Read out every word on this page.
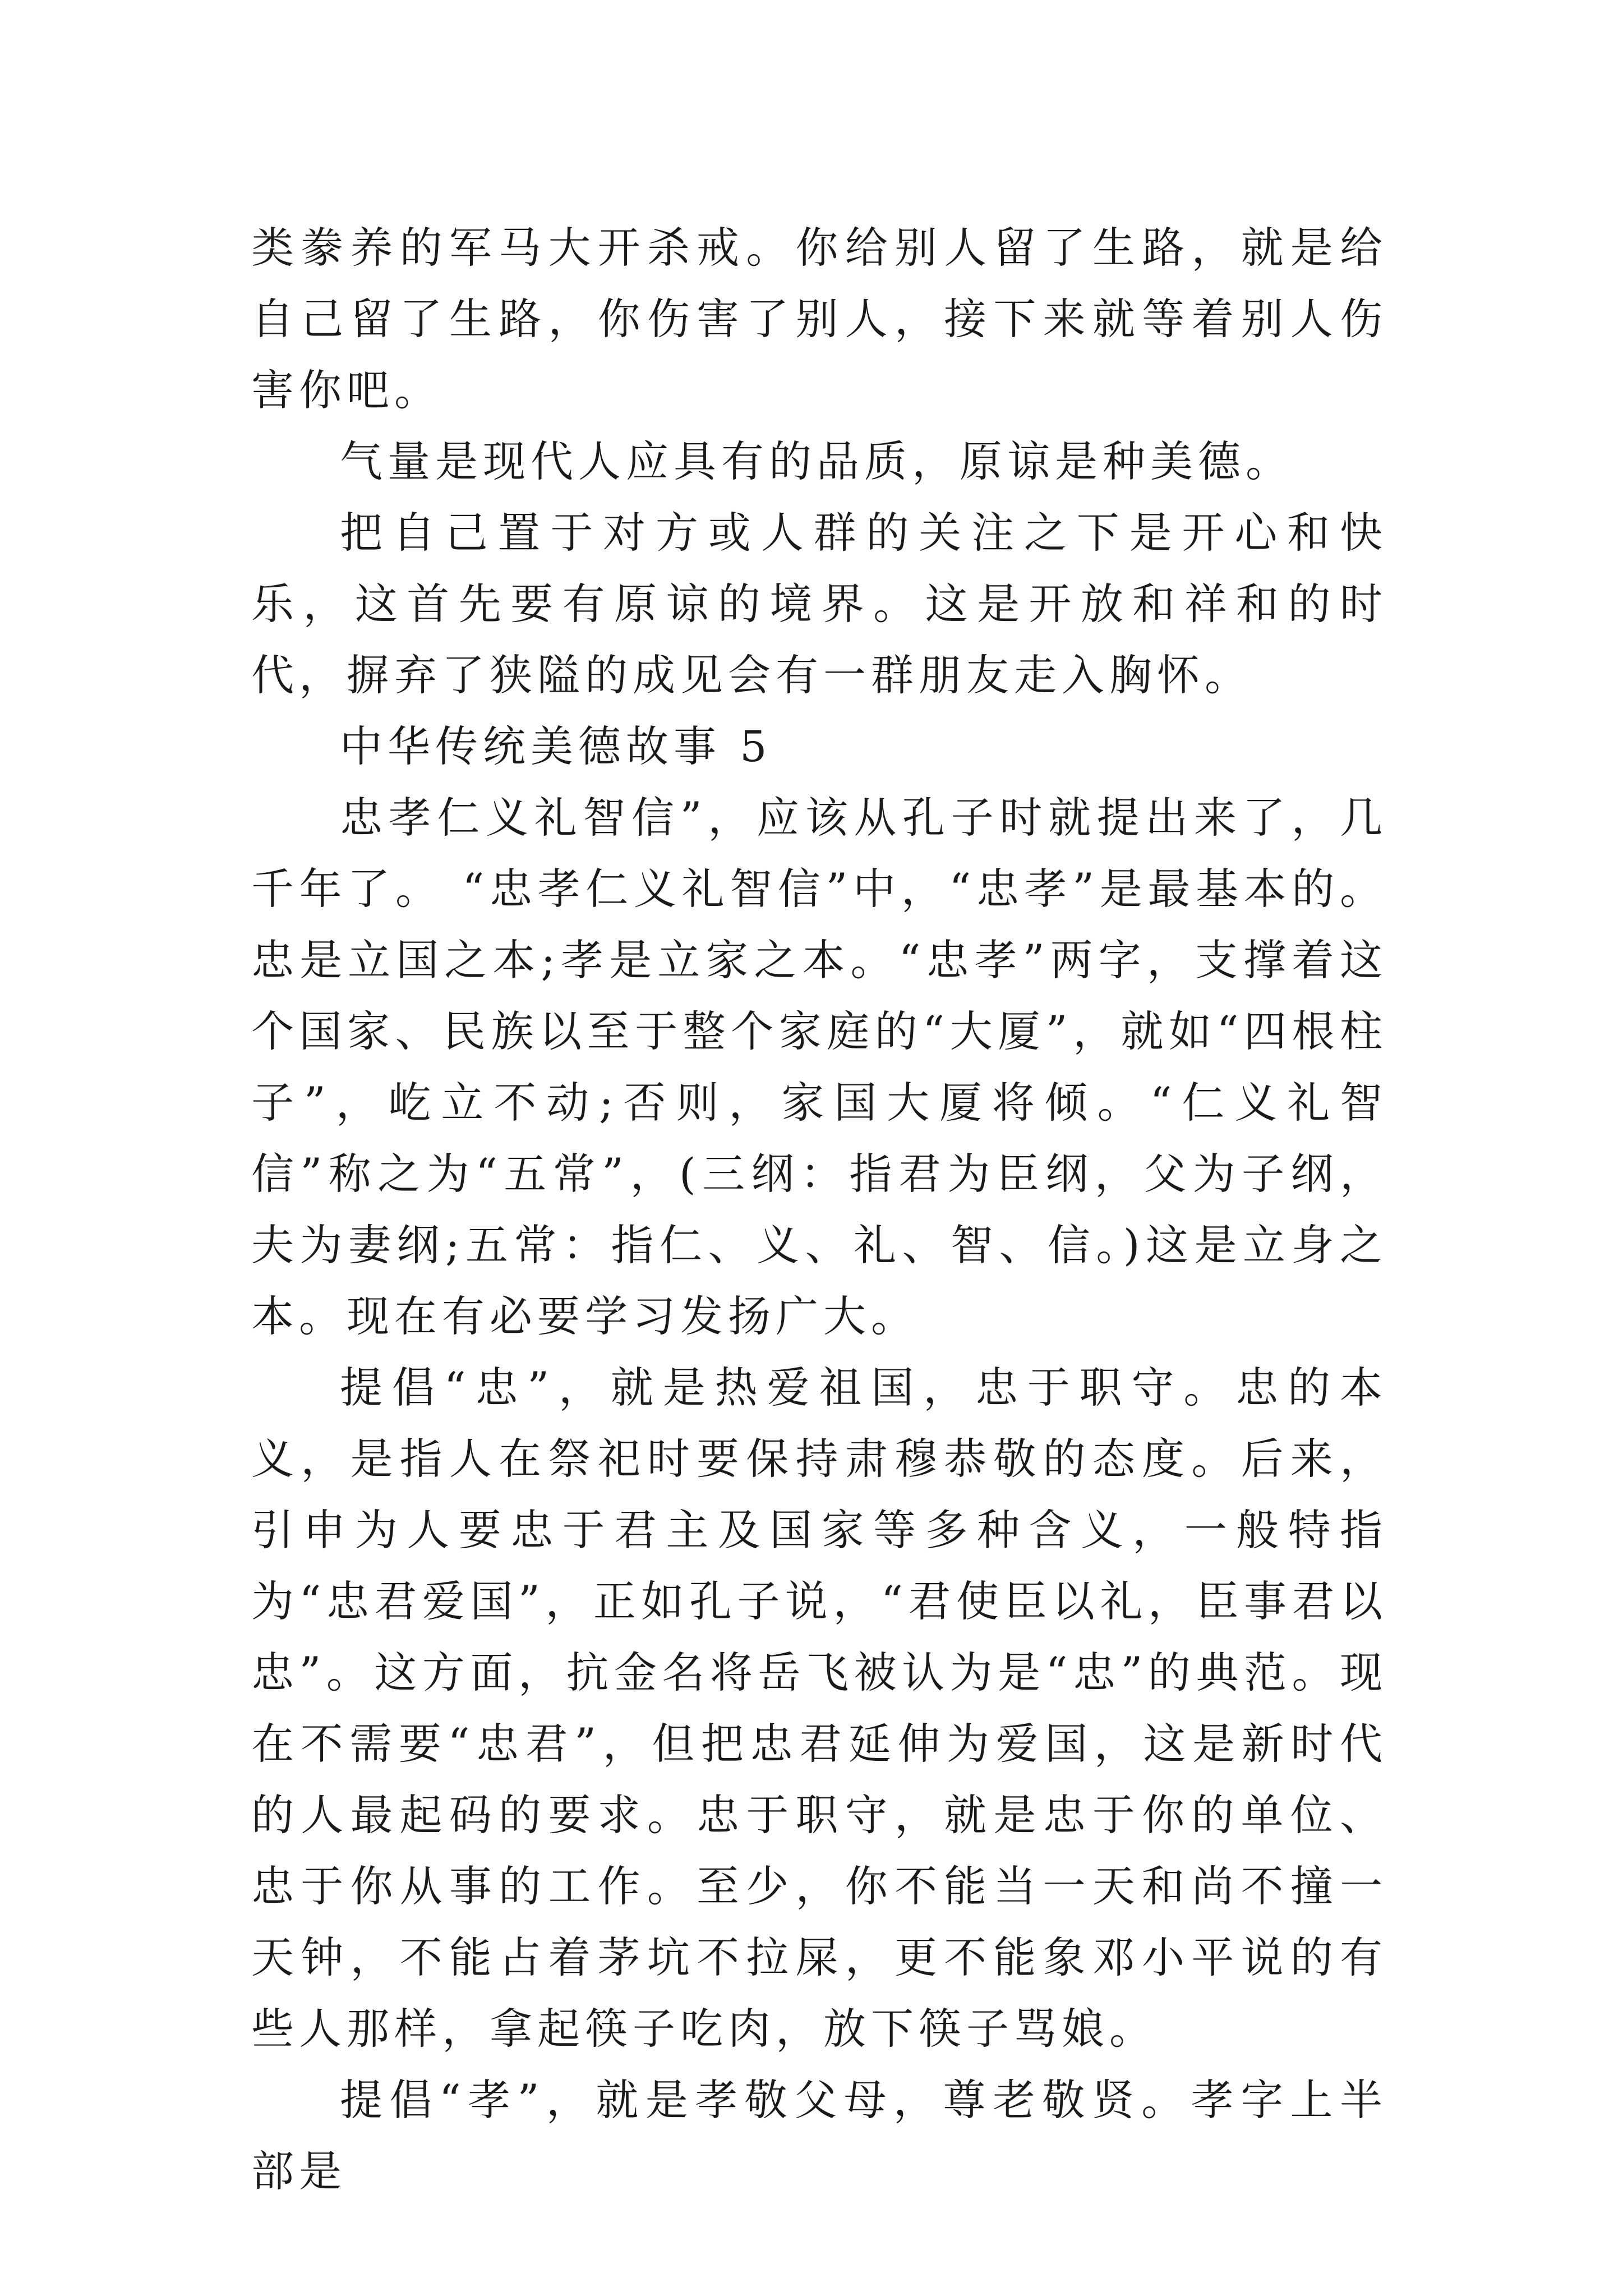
类豢养的军马大开杀戒。你给别人留了生路，就是给自己留了生路，你伤害了别人，接下来就等着别人伤害你吧。

气量是现代人应具有的品质，原谅是种美德。

把自己置于对方或人群的关注之下是开心和快乐，这首先要有原谅的境界。这是开放和祥和的时代，摒弃了狭隘的成见会有一群朋友走入胸怀。

中华传统美德故事 5

忠孝仁义礼智信”，应该从孔子时就提出来了，几千年了。 “忠孝仁义礼智信”中，“忠孝”是最基本的。忠是立国之本;孝是立家之本。“忠孝”两字，支撑着这个国家、民族以至于整个家庭的“大厦”，就如“四根柱子”，屹立不动;否则，家国大厦将倾。“仁义礼智信”称之为“五常”，(三纲：指君为臣纲，父为子纲，夫为妻纲;五常：指仁、义、礼、智、信。)这是立身之本。现在有必要学习发扬广大。

提倡“忠”，就是热爱祖国，忠于职守。忠的本义，是指人在祭祀时要保持肃穆恭敬的态度。后来，引申为人要忠于君主及国家等多种含义，一般特指为“忠君爱国”，正如孔子说，“君使臣以礼，臣事君以忠”。这方面，抗金名将岳飞被认为是“忠”的典范。现在不需要“忠君”，但把忠君延伸为爱国，这是新时代的人最起码的要求。忠于职守，就是忠于你的单位、忠于你从事的工作。至少，你不能当一天和尚不撞一天钟，不能占着茅坑不拉屎，更不能象邓小平说的有些人那样，拿起筷子吃肉，放下筷子骂娘。

提倡“孝”，就是孝敬父母，尊老敬贤。孝字上半部是
